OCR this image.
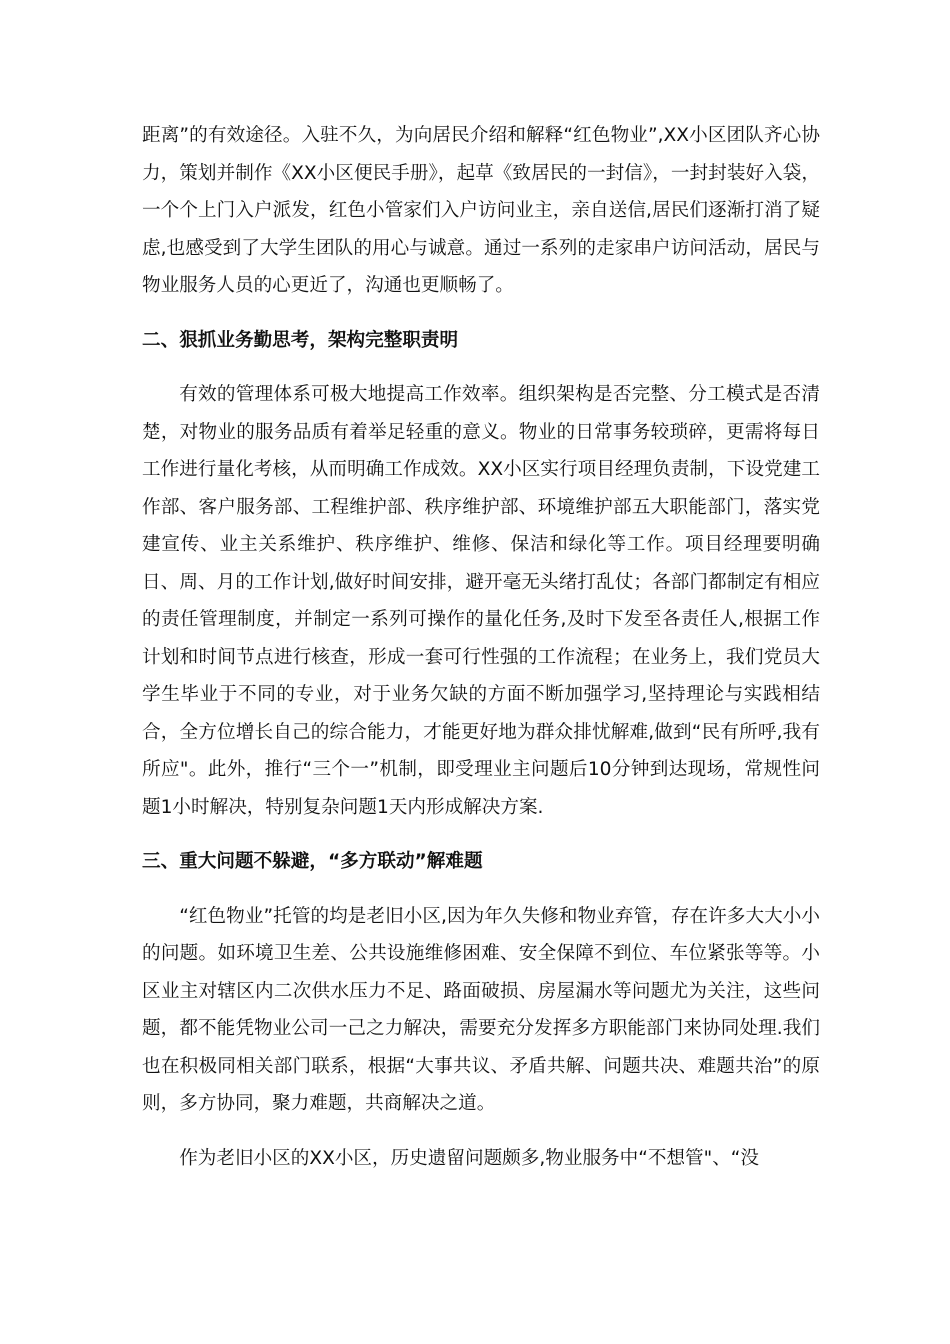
距离”的有效途径。入驻不久，为向居民介绍和解释“红色物业”,XX小区团队齐心协力，策划并制作《XX小区便民手册》，起草《致居民的一封信》，一封封装好入袋，一个个上门入户派发，红色小管家们入户访问业主，亲自送信,居民们逐渐打消了疑虑,也感受到了大学生团队的用心与诚意。通过一系列的走家串户访问活动，居民与物业服务人员的心更近了，沟通也更顺畅了。

二、狠抓业务勤思考，架构完整职责明

有效的管理体系可极大地提高工作效率。组织架构是否完整、分工模式是否清楚，对物业的服务品质有着举足轻重的意义。物业的日常事务较琐碎，更需将每日工作进行量化考核，从而明确工作成效。XX小区实行项目经理负责制，下设党建工作部、客户服务部、工程维护部、秩序维护部、环境维护部五大职能部门，落实党建宣传、业主关系维护、秩序维护、维修、保洁和绿化等工作。项目经理要明确日、周、月的工作计划,做好时间安排，避开毫无头绪打乱仗；各部门都制定有相应的责任管理制度，并制定一系列可操作的量化任务,及时下发至各责任人,根据工作计划和时间节点进行核查，形成一套可行性强的工作流程；在业务上，我们党员大学生毕业于不同的专业，对于业务欠缺的方面不断加强学习,坚持理论与实践相结合，全方位增长自己的综合能力，才能更好地为群众排忧解难,做到“民有所呼,我有所应"。此外，推行“三个一”机制，即受理业主问题后10分钟到达现场，常规性问题1小时解决，特别复杂问题1天内形成解决方案.

三、重大问题不躲避，“多方联动”解难题

“红色物业”托管的均是老旧小区,因为年久失修和物业弃管，存在许多大大小小的问题。如环境卫生差、公共设施维修困难、安全保障不到位、车位紧张等等。小区业主对辖区内二次供水压力不足、路面破损、房屋漏水等问题尤为关注，这些问题，都不能凭物业公司一己之力解决，需要充分发挥多方职能部门来协同处理.我们也在积极同相关部门联系，根据“大事共议、矛盾共解、问题共决、难题共治”的原则，多方协同，聚力难题，共商解决之道。

作为老旧小区的XX小区，历史遗留问题颇多,物业服务中“不想管"、“没
